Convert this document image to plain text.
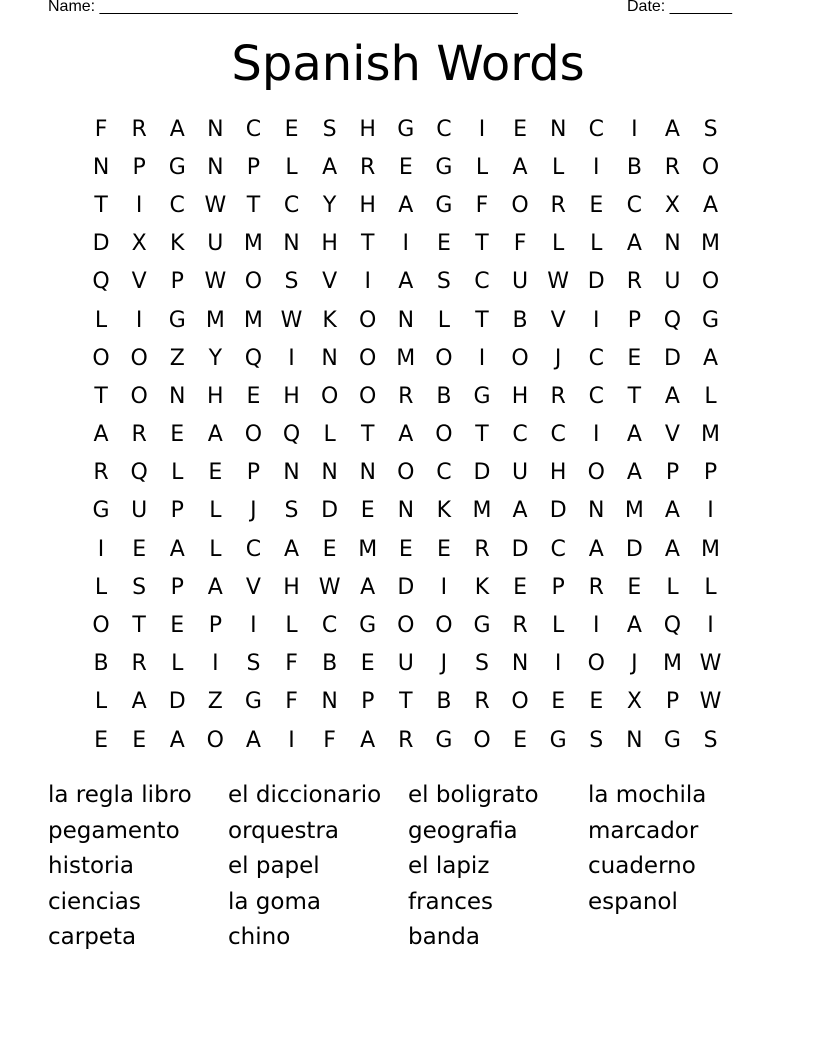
Name: _______________________________________________	Date: _______
Spanish Words
F	R	A	N	C	E	S	H G C	I	E	N	C	I	A	S
N	P	G N	P	L	A	R	E	G	L	A	L	I	B	R O
T	I	C W T	C	Y	H	A	G	F	O R	E	C	X	A
D	X	K	U M N H	T	I	E	T	F	L	L	A	N M
Q V	P W O	S	V	I	A	S	C	U W D R	U O
L	I	G M M W K	O N	L	T	B	V	I	P	Q G
O O Z	Y	Q	I	N O M O	I	O	J	C	E	D	A
T	O N H	E	H O O R	B	G H	R	C	T	A	L
A	R	E	A O Q	L	T	A O	T	C	C	I	A	V M
R Q	L	E	P	N N N O C D U H O A	P	P
G U	P	L	J	S	D	E	N	K M A	D N M A	I
I	E	A	L	C	A	E M E	E	R D C	A	D	A M
L	S	P	A	V	H W A	D	I	K	E	P	R	E	L	L
O	T	E	P	I	L	C G O O G R	L	I	A Q	I
B	R	L	I	S	F	B	E	U	J	S	N	I	O	J	M W
L	A	D	Z	G	F	N	P	T	B	R O	E	E	X	P W
E	E	A O A	I	F	A	R G O	E	G	S	N G	S
la regla libro	el diccionario	el boligrato	la mochila
pegamento	orquestra	geografia	marcador
historia	el papel	el lapiz	cuaderno
ciencias	la goma	frances	espanol
carpeta	chino	banda
